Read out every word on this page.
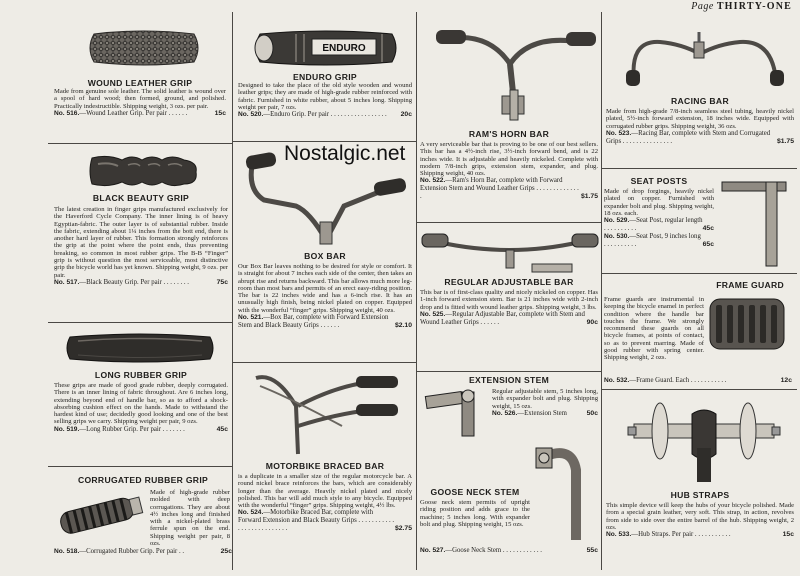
Page THIRTY-ONE
WOUND LEATHER GRIP
Made from genuine sole leather. The solid leather is wound over a spool of hard wood; then formed, ground, and polished. Practically indestructible. Shipping weight, 3 ozs. per pair.
No. 516.—Wound Leather Grip. Per pair . . . . . .	15c
BLACK BEAUTY GRIP
The latest creation in finger grips manufactured exclusively for the Haverford Cycle Company. The inner lining is of heavy Egyptian-fabric. The outer layer is of substantial rubber. Inside the fabric, extending about 1¼ inches from the bott end, there is another hard layer of rubber. This formation strongly reinforces the grip at the point where the point ends, thus preventing breaking, so common in most rubber grips. The B-B “Finger” grip is without question the most serviceable, most distinctive grip the bicycle world has yet known. Shipping weight, 9 ozs. per pair.
No. 517.—Black Beauty Grip. Per pair . . . . . . . .	75c
LONG RUBBER GRIP
These grips are made of good grade rubber, deeply corrugated. There is an inner lining of fabric throughout. Are 6 inches long, extending beyond end of handle bar, so as to afford a shock-absorbing cushion effect on the hands. Made to withstand the hardest kind of use; decidedly good looking and one of the best selling grips we carry. Shipping weight per pair, 9 ozs.
No. 519.—Long Rubber Grip. Per pair . . . . . . .	45c
CORRUGATED RUBBER GRIP
Made of high-grade rubber molded with deep corrugations. They are about 4½ inches long and finished with a nickel-plated brass ferrule spun on the end. Shipping weight per pair, 8 ozs.
No. 518.—Corrugated Rubber Grip. Per pair . .	25c
ENDURO
ENDURO GRIP
Designed to take the place of the old style wooden and wound leather grips; they are made of high-grade rubber reinforced with fabric. Furnished in white rubber, about 5 inches long. Shipping weight per pair, 7 ozs.
No. 520.—Enduro Grip. Per pair . . . . . . . . . . . . . . . . . 20c
BOX BAR
Our Box Bar leaves nothing to be desired for style or comfort. It is straight for about 7 inches each side of the center, then takes an abrupt rise and returns backward. This bar allows much more leg-room than most bars and permits of an erect easy-riding position. The bar is 22 inches wide and has a 6-inch rise. It has an unusually high finish, being nickel plated on copper. Equipped with the wonderful “finger” grips. Shipping weight, 40 ozs.
No. 521.—Box Bar, complete with Forward Extension Stem and Black Beauty Grips . . . . . .	$2.10
MOTORBIKE BRACED BAR
is a duplicate in a smaller size of the regular motorcycle bar. A round nickel brace reinforces the bars, which are considerably longer than the average. Heavily nickel plated and nicely polished. This bar will add much style to any bicycle. Equipped with the wonderful “finger” grips. Shipping weight, 4½ lbs.
No. 524.—Motorbike Braced Bar, complete with Forward Extension and Black Beauty Grips . . . . . . . . . . . . . . . . . . . . . . . . . .	$2.75
RAM'S HORN BAR
A very serviceable bar that is proving to be one of our best sellers. This bar has a 4½-inch rise, 3½-inch forward bend, and is 22 inches wide. It is adjustable and heavily nickeled. Complete with modern 7/8-inch grips, extension stem, expander, and plug. Shipping weight, 40 ozs.
No. 522.—Ram's Horn Bar, complete with Forward Extension Stem and Wound Leather Grips . . . . . . . . . . . . . .	$1.75
REGULAR ADJUSTABLE BAR
This bar is of first-class quality and nicely nickeled on copper. Has 1-inch forward extension stem. Bar is 21 inches wide with 2-inch drop and is fitted with wound leather grips. Shipping weight, 3 lbs.
No. 525.—Regular Adjustable Bar, complete with Stem and Wound Leather Grips . . . . . .	90c
EXTENSION STEM
Regular adjustable stem, 5 inches long, with expander bolt and plug. Shipping weight, 15 ozs.
No. 526.—Extension Stem	50c
GOOSE NECK STEM
Goose neck stem permits of upright riding position and adds grace to the machine; 5 inches long. With expander bolt and plug. Shipping weight, 15 ozs.
No. 527.—Goose Neck Stem . . . . . . . . . . . .	55c
RACING BAR
Made from high-grade 7/8-inch seamless steel tubing, heavily nickel plated, 5½-inch forward extension, 18 inches wide. Equipped with corrugated rubber grips. Shipping weight, 36 ozs.
No. 523.—Racing Bar, complete with Stem and Corrugated Grips . . . . . . . . . . . . . . .	$1.75
SEAT POSTS
Made of drop forgings, heavily nickel plated on copper. Furnished with expander bolt and plug. Shipping weight, 18 ozs. each.
No. 529.—Seat Post, regular length . . . . . . . . . .	45c
No. 530.—Seat Post, 9 inches long . . . . . . . . . .	65c
FRAME GUARD
Frame guards are instrumental in keeping the bicycle enamel in perfect condition where the handle bar touches the frame. We strongly recommend these guards on all bicycle frames, at points of contact, so as to prevent marring. Made of good rubber with spring center. Shipping weight, 2 ozs.
No. 532.—Frame Guard. Each . . . . . . . . . . .	12c
HUB STRAPS
This simple device will keep the hubs of your bicycle polished. Made from a special grain leather, very soft. This strap, in action, revolves from side to side over the entire barrel of the hub. Shipping weight, 2 ozs.
No. 533.—Hub Straps. Per pair . . . . . . . . . . .	15c
Nostalgic.net
